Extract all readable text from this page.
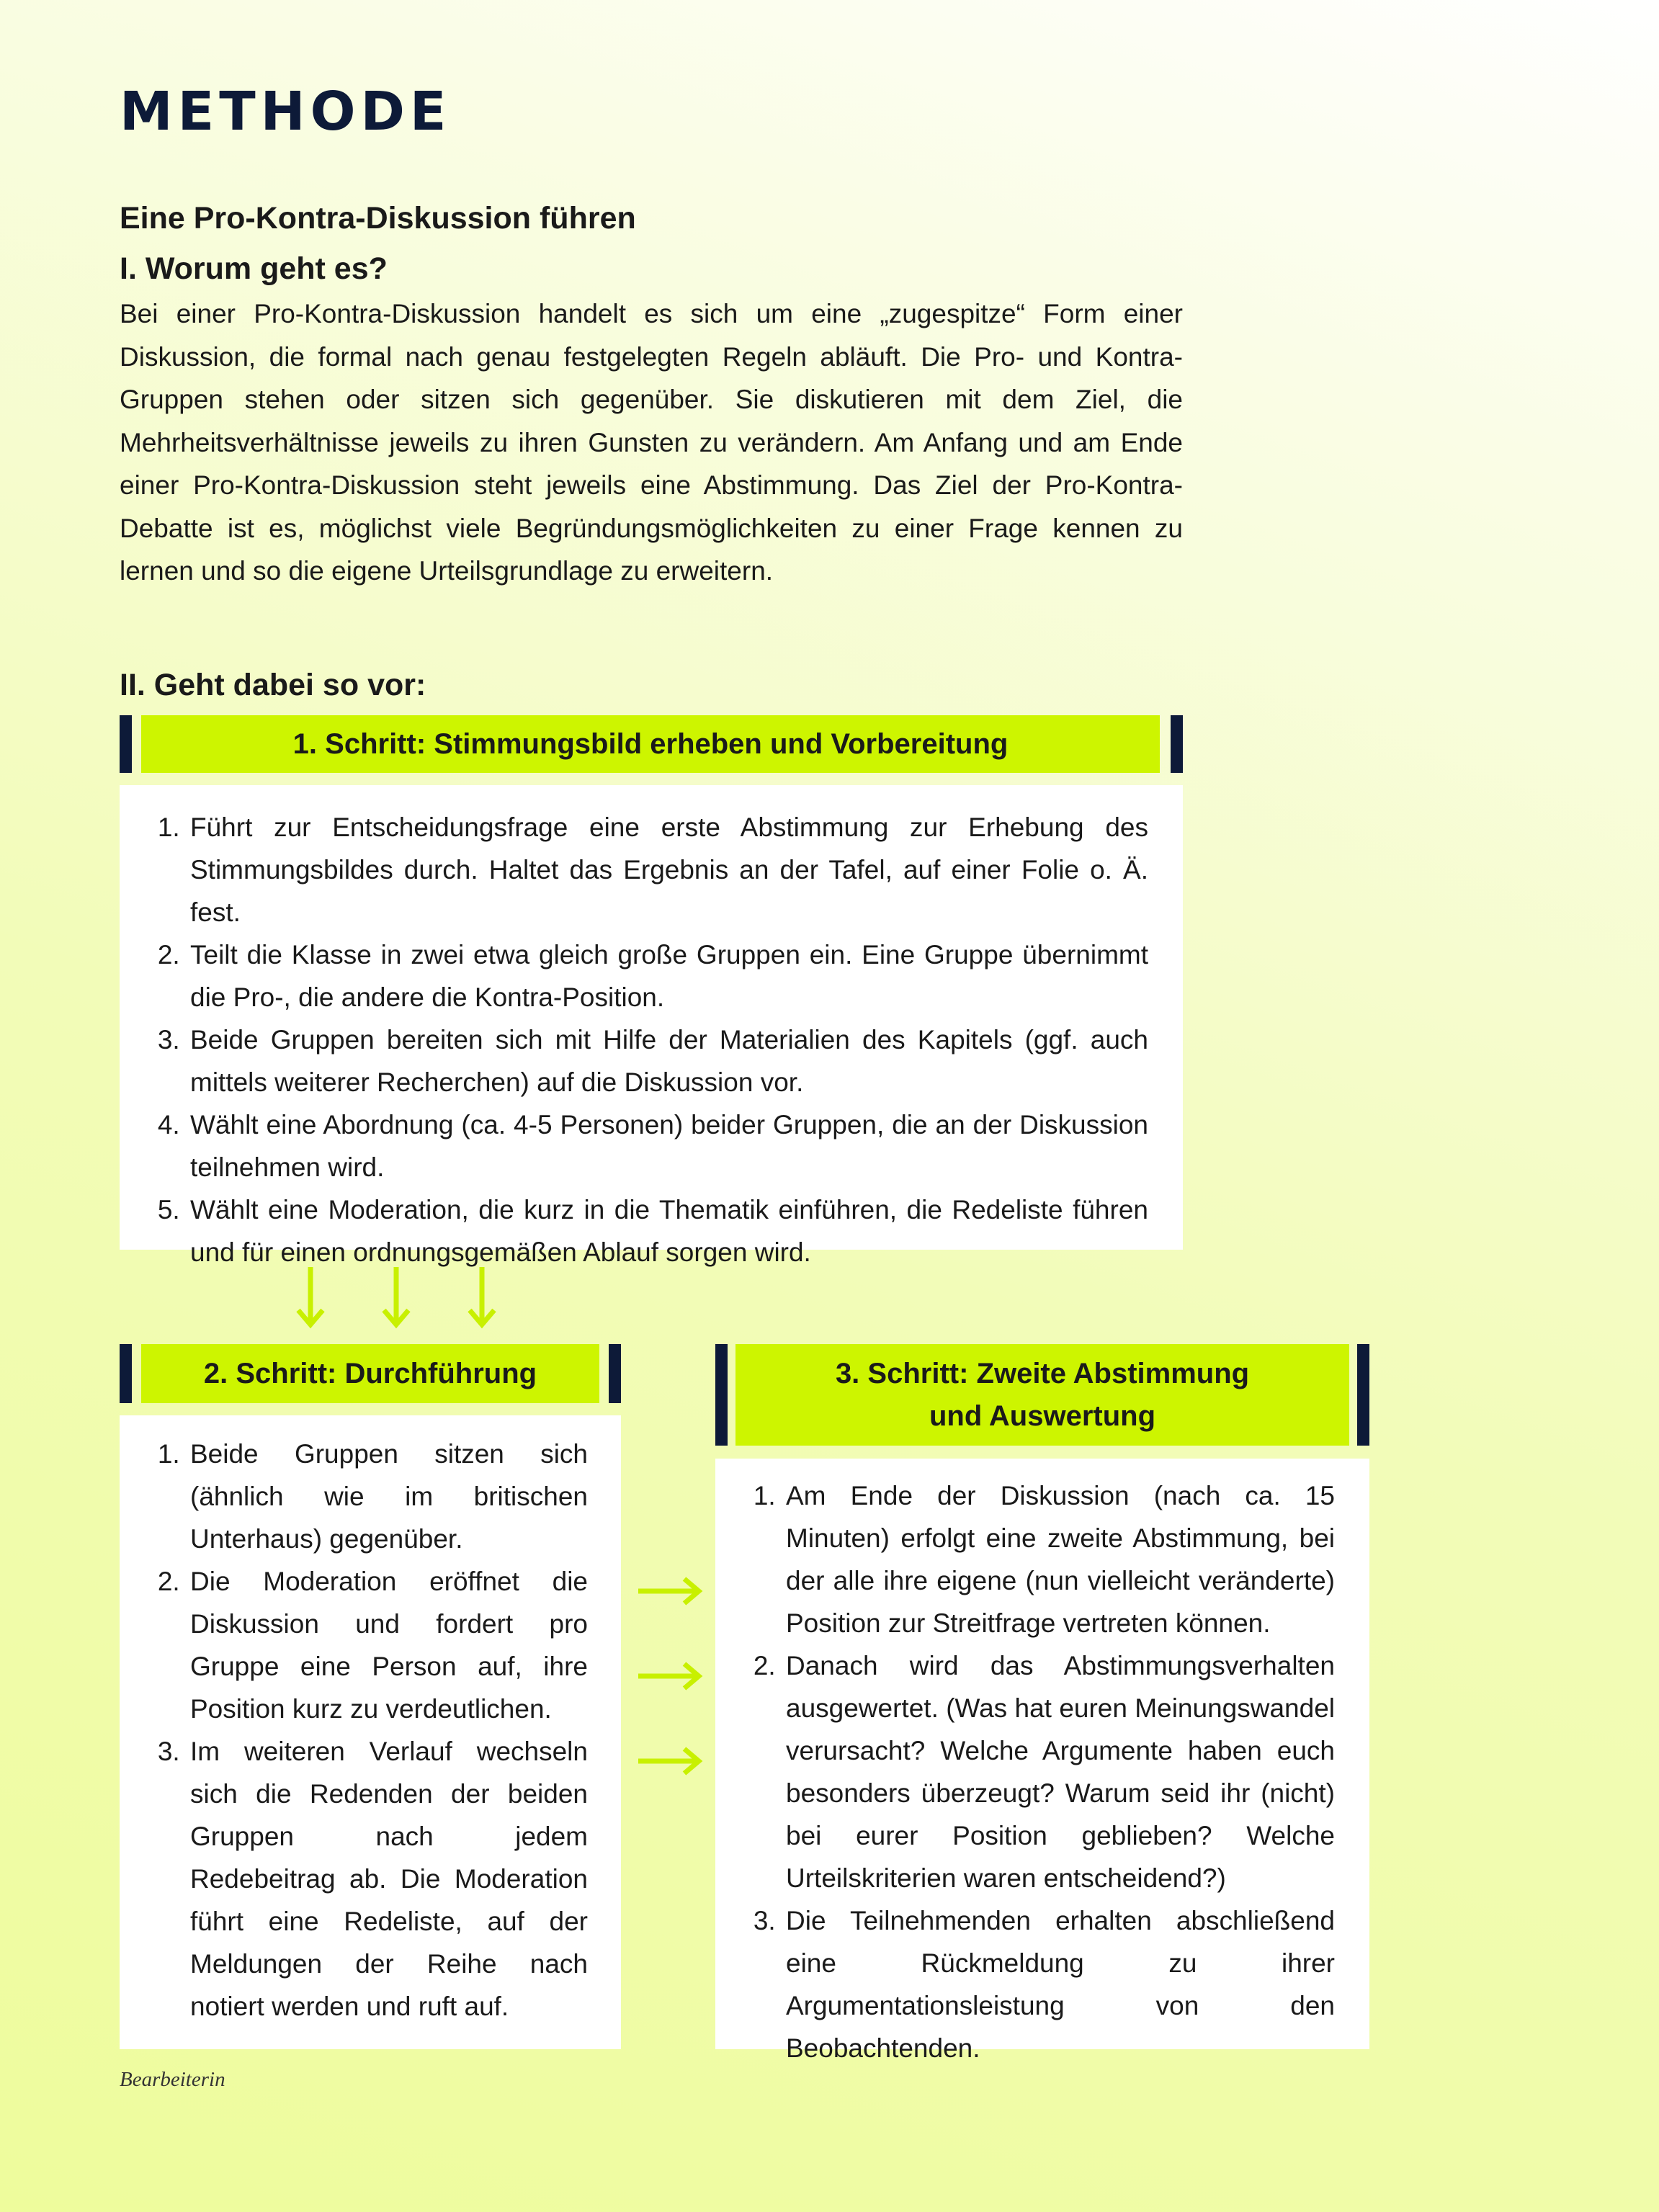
METHODE
Eine Pro-Kontra-Diskussion führen
I. Worum geht es?

Bei einer Pro-Kontra-Diskussion handelt es sich um eine „zugespitze“ Form einer Diskussion, die formal nach genau festgelegten Regeln abläuft. Die Pro- und Kontra-Gruppen stehen oder sitzen sich gegenüber. Sie diskutieren mit dem Ziel, die Mehrheitsverhältnisse jeweils zu ihren Gunsten zu verändern. Am Anfang und am Ende einer Pro-Kontra-Diskussion steht jeweils eine Abstimmung. Das Ziel der Pro-Kontra-Debatte ist es, möglichst viele Begründungsmöglichkeiten zu einer Frage kennen zu lernen und so die eigene Urteilsgrundlage zu erweitern.

II. Geht dabei so vor:
1. Schritt: Stimmungsbild erheben und Vorbereitung
1. Führt zur Entscheidungsfrage eine erste Abstimmung zur Erhebung des Stimmungsbildes durch. Haltet das Ergebnis an der Tafel, auf einer Folie o. Ä. fest.
2. Teilt die Klasse in zwei etwa gleich große Gruppen ein. Eine Gruppe übernimmt die Pro-, die andere die Kontra-Position.
3. Beide Gruppen bereiten sich mit Hilfe der Materialien des Kapitels (ggf. auch mittels weiterer Recherchen) auf die Diskussion vor.
4. Wählt eine Abordnung (ca. 4-5 Personen) beider Gruppen, die an der Diskussion teilnehmen wird.
5. Wählt eine Moderation, die kurz in die Thematik einführen, die Redeliste führen und für einen ordnungsgemäßen Ablauf sorgen wird.
2. Schritt: Durchführung
1. Beide Gruppen sitzen sich (ähnlich wie im britischen Unterhaus) gegenüber.
2. Die Moderation eröffnet die Diskussion und fordert pro Gruppe eine Person auf, ihre Position kurz zu verdeutlichen.
3. Im weiteren Verlauf wechseln sich die Redenden der beiden Gruppen nach jedem Redebeitrag ab. Die Moderation führt eine Redeliste, auf der Meldungen der Reihe nach notiert werden und ruft auf.
3. Schritt: Zweite Abstimmung
und Auswertung
1. Am Ende der Diskussion (nach ca. 15 Minuten) erfolgt eine zweite Abstimmung, bei der alle ihre eigene (nun vielleicht veränderte) Position zur Streitfrage vertreten können.
2. Danach wird das Abstimmungsverhalten ausgewertet. (Was hat euren Meinungswandel verursacht? Welche Argumente haben euch besonders überzeugt? Warum seid ihr (nicht) bei eurer Position geblieben? Welche Urteilskriterien waren entscheidend?)
3. Die Teilnehmenden erhalten abschließend eine Rückmeldung zu ihrer Argumentationsleistung von den Beobachtenden.
Bearbeiterin
